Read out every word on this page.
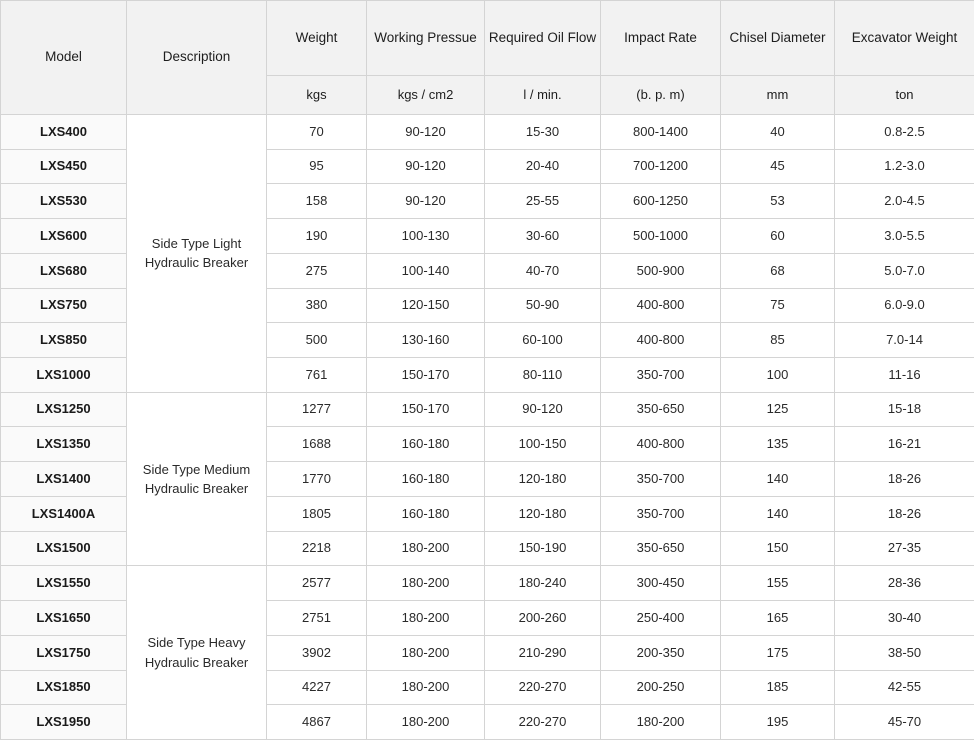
Model	Description	Weight	Working Pressue	Required Oil Flow	Impact Rate	Chisel Diameter	Excavator Weight
		kgs	kgs / cm2	l / min.	(b. p. m)	mm	ton
LXS400	Side Type Light Hydraulic Breaker	70	90-120	15-30	800-1400	40	0.8-2.5
LXS450		95	90-120	20-40	700-1200	45	1.2-3.0
LXS530		158	90-120	25-55	600-1250	53	2.0-4.5
LXS600		190	100-130	30-60	500-1000	60	3.0-5.5
LXS680		275	100-140	40-70	500-900	68	5.0-7.0
LXS750		380	120-150	50-90	400-800	75	6.0-9.0
LXS850		500	130-160	60-100	400-800	85	7.0-14
LXS1000		761	150-170	80-110	350-700	100	11-16
LXS1250	Side Type Medium Hydraulic Breaker	1277	150-170	90-120	350-650	125	15-18
LXS1350		1688	160-180	100-150	400-800	135	16-21
LXS1400		1770	160-180	120-180	350-700	140	18-26
LXS1400A		1805	160-180	120-180	350-700	140	18-26
LXS1500		2218	180-200	150-190	350-650	150	27-35
LXS1550	Side Type Heavy Hydraulic Breaker	2577	180-200	180-240	300-450	155	28-36
LXS1650		2751	180-200	200-260	250-400	165	30-40
LXS1750		3902	180-200	210-290	200-350	175	38-50
LXS1850		4227	180-200	220-270	200-250	185	42-55
LXS1950		4867	180-200	220-270	180-200	195	45-70
